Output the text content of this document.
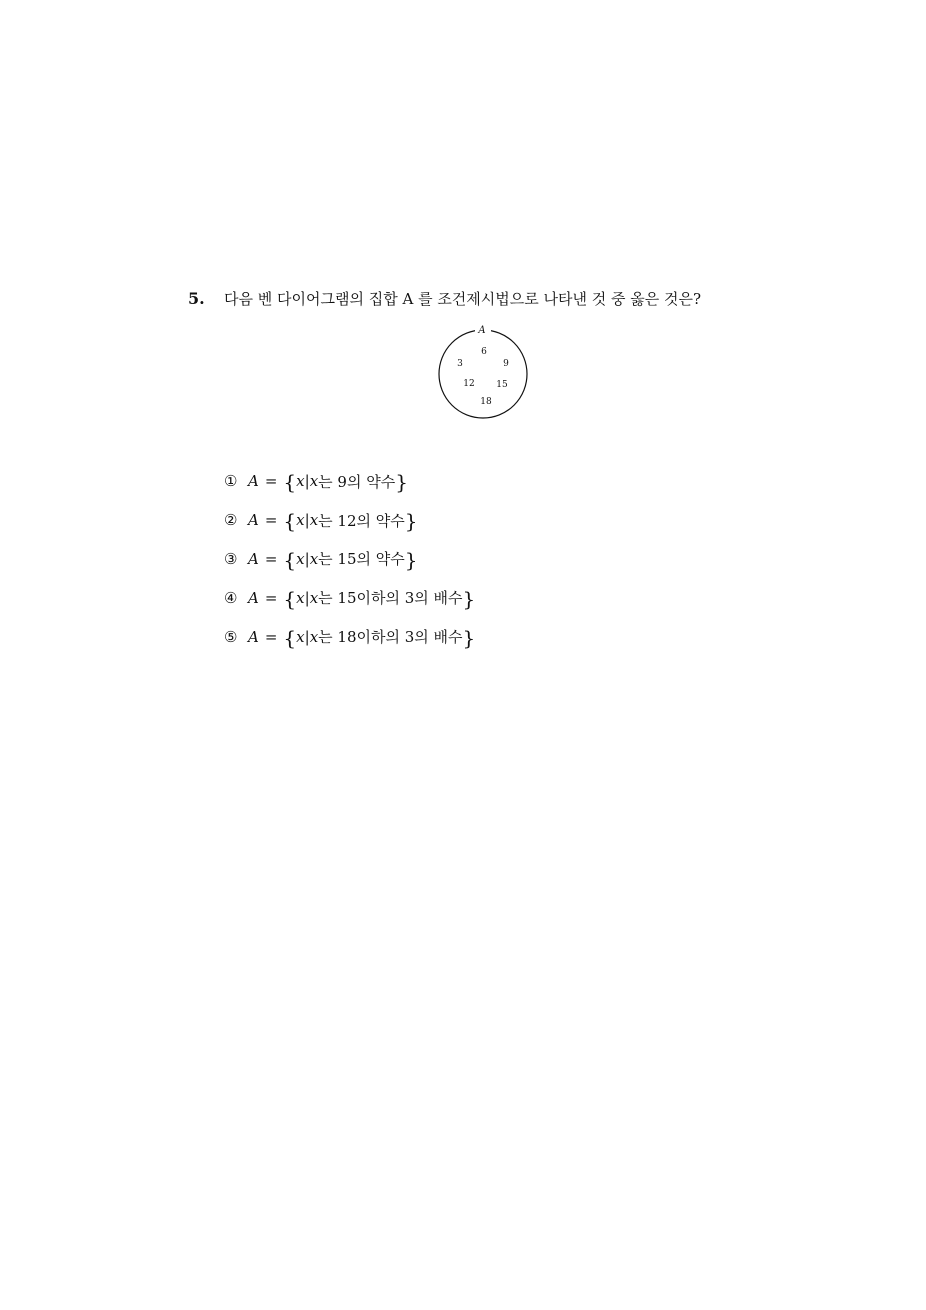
5.	다음 벤 다이어그램의 집합 A 를 조건제시법으로 나타낸 것 중 옳은 것은?
A
6
3	9
12 15
18
① A = { x | x 는 9의 약수 }
② A = { x | x 는 12의 약수 }
③ A = { x | x 는 15의 약수 }
④ A = { x | x 는 15이하의 3의 배수 }
⑤ A = { x | x 는 18이하의 3의 배수 }
